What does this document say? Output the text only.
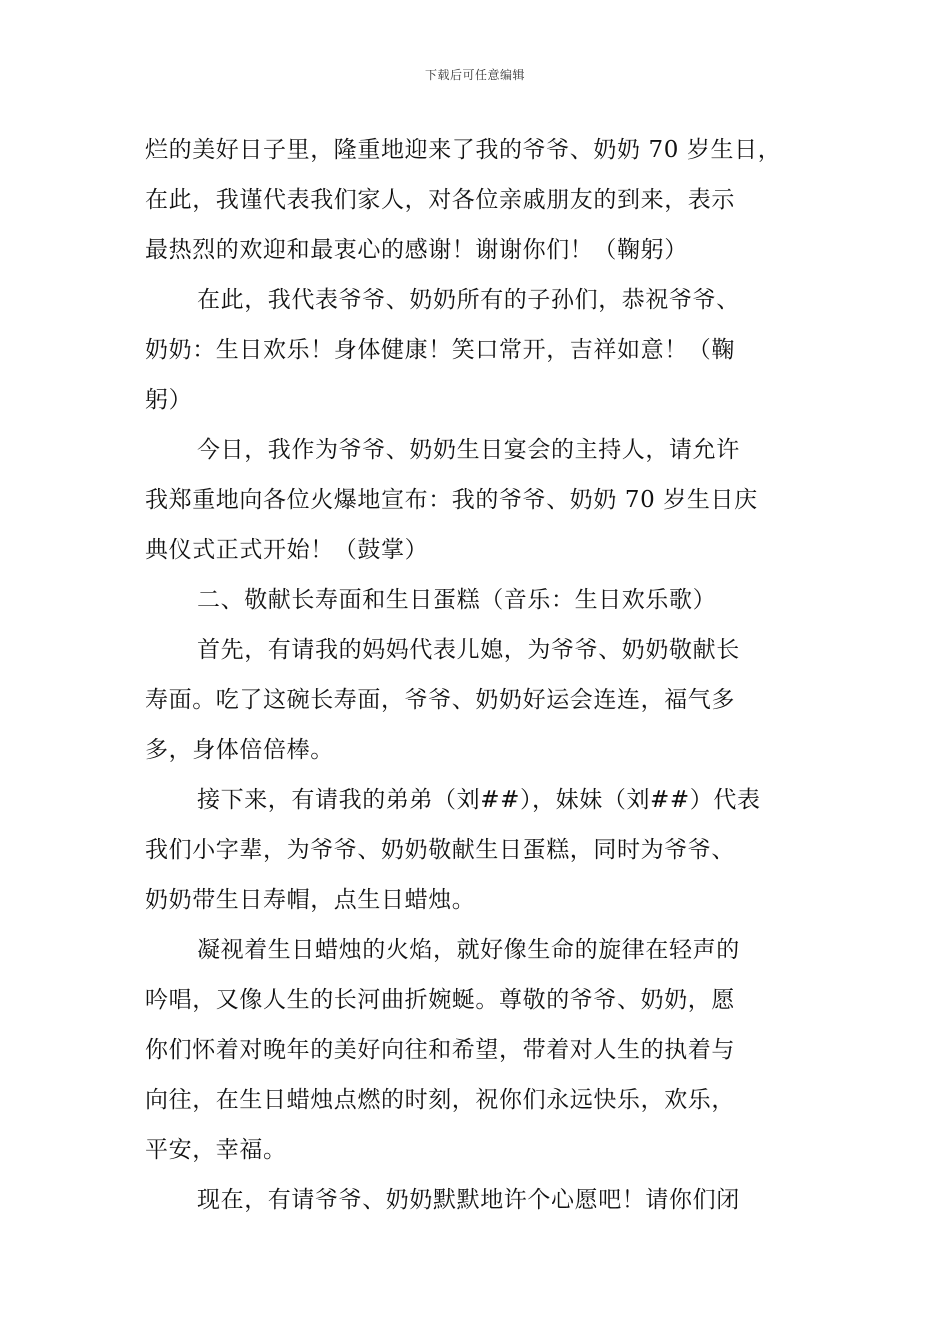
下载后可任意编辑
烂的美好日子里，隆重地迎来了我的爷爷、奶奶 70 岁生日，
在此，我谨代表我们家人，对各位亲戚朋友的到来，表示
最热烈的欢迎和最衷心的感谢！谢谢你们！（鞠躬）
在此，我代表爷爷、奶奶所有的子孙们，恭祝爷爷、
奶奶：生日欢乐！身体健康！笑口常开，吉祥如意！（鞠
躬）
今日，我作为爷爷、奶奶生日宴会的主持人，请允许
我郑重地向各位火爆地宣布：我的爷爷、奶奶 70 岁生日庆
典仪式正式开始！（鼓掌）
二、敬献长寿面和生日蛋糕（音乐：生日欢乐歌）
首先，有请我的妈妈代表儿媳，为爷爷、奶奶敬献长
寿面。吃了这碗长寿面，爷爷、奶奶好运会连连，福气多
多，身体倍倍棒。
接下来，有请我的弟弟（刘##），妹妹（刘##）代表
我们小字辈，为爷爷、奶奶敬献生日蛋糕，同时为爷爷、
奶奶带生日寿帽，点生日蜡烛。
凝视着生日蜡烛的火焰，就好像生命的旋律在轻声的
吟唱，又像人生的长河曲折婉蜒。尊敬的爷爷、奶奶，愿
你们怀着对晚年的美好向往和希望，带着对人生的执着与
向往，在生日蜡烛点燃的时刻，祝你们永远快乐，欢乐，
平安，幸福。
现在，有请爷爷、奶奶默默地许个心愿吧！请你们闭
